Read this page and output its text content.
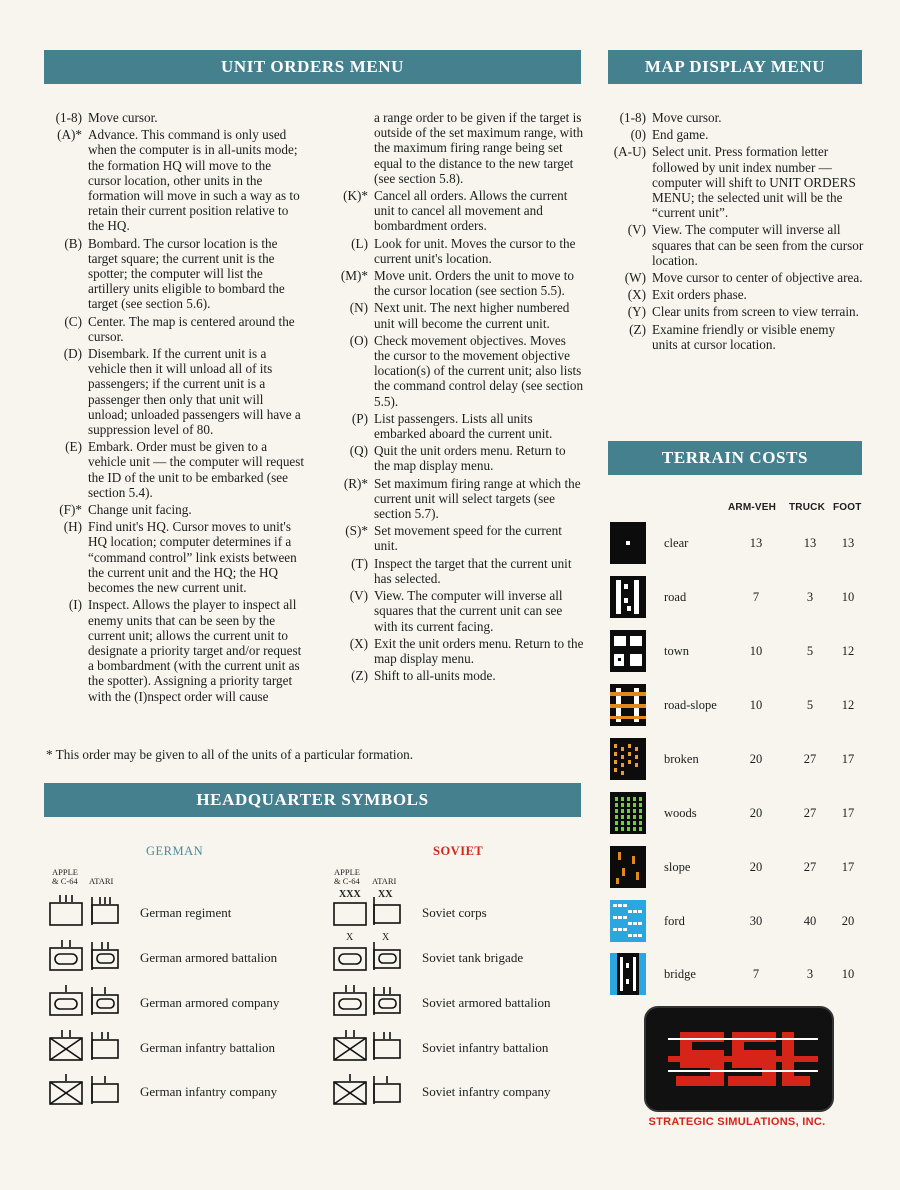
UNIT ORDERS MENU	MAP DISPLAY MENU
TERRAIN COSTS
HEADQUARTER SYMBOLS
(1-8) Move cursor.
(A)* Advance. This command is only used when the computer is in all-units mode; the formation HQ will move to the cursor location, other units in the formation will move in such a way as to retain their current position relative to the HQ.
(B) Bombard. The cursor location is the target square; the current unit is the spotter; the computer will list the artillery units eligible to bombard the target (see section 5.6).
(C) Center. The map is centered around the cursor.
(D) Disembark. If the current unit is a vehicle then it will unload all of its passengers; if the current unit is a passenger then only that unit will unload; unloaded passengers will have a suppression level of 80.
(E) Embark. Order must be given to a vehicle unit — the computer will request the ID of the unit to be embarked (see section 5.4).
(F)* Change unit facing.
(H) Find unit's HQ. Cursor moves to unit's HQ location; computer determines if a “command control” link exists between the current unit and the HQ; the HQ becomes the new current unit.
(I) Inspect. Allows the player to inspect all enemy units that can be seen by the current unit; allows the current unit to designate a priority target and/or request a bombardment (with the current unit as the spotter). Assigning a priority target with the (I)nspect order will cause
a range order to be given if the target is outside of the set maximum range, with the maximum firing range being set equal to the distance to the new target (see section 5.8).
(K)* Cancel all orders. Allows the current unit to cancel all movement and bombardment orders.
(L) Look for unit. Moves the cursor to the current unit's location.
(M)* Move unit. Orders the unit to move to the cursor location (see section 5.5).
(N) Next unit. The next higher numbered unit will become the current unit.
(O) Check movement objectives. Moves the cursor to the movement objective location(s) of the current unit; also lists the command control delay (see section 5.5).
(P) List passengers. Lists all units embarked aboard the current unit.
(Q) Quit the unit orders menu. Return to the map display menu.
(R)* Set maximum firing range at which the current unit will select targets (see section 5.7).
(S)* Set movement speed for the current unit.
(T) Inspect the target that the current unit has selected.
(V) View. The computer will inverse all squares that the current unit can see with its current facing.
(X) Exit the unit orders menu. Return to the map display menu.
(Z) Shift to all-units mode.
* This order may be given to all of the units of a particular formation.
(1-8) Move cursor.
(0) End game.
(A-U) Select unit. Press formation letter followed by unit index number — computer will shift to UNIT ORDERS MENU; the selected unit will be the “current unit”.
(V) View. The computer will inverse all squares that can be seen from the cursor location.
(W) Move cursor to center of objective area.
(X) Exit orders phase.
(Y) Clear units from screen to view terrain.
(Z) Examine friendly or visible enemy units at cursor location.
ARM-VEH TRUCK FOOT
clear	13	13	13
road	7	3	10
town	10	5	12
road-slope	10	5	12
broken	20	27	17
woods	20	27	17
slope	20	27	17
ford	30	40	20
bridge	7	3	10
GERMAN	SOVIET
APPLE
& C-64 ATARI
APPLE
& C-64 ATARI
German regiment
German armored battalion
German armored company
German infantry battalion
German infantry company
XXX XX
Soviet corps
X	X
Soviet tank brigade
Soviet armored battalion
Soviet infantry battalion
Soviet infantry company
STRATEGIC SIMULATIONS, INC.
